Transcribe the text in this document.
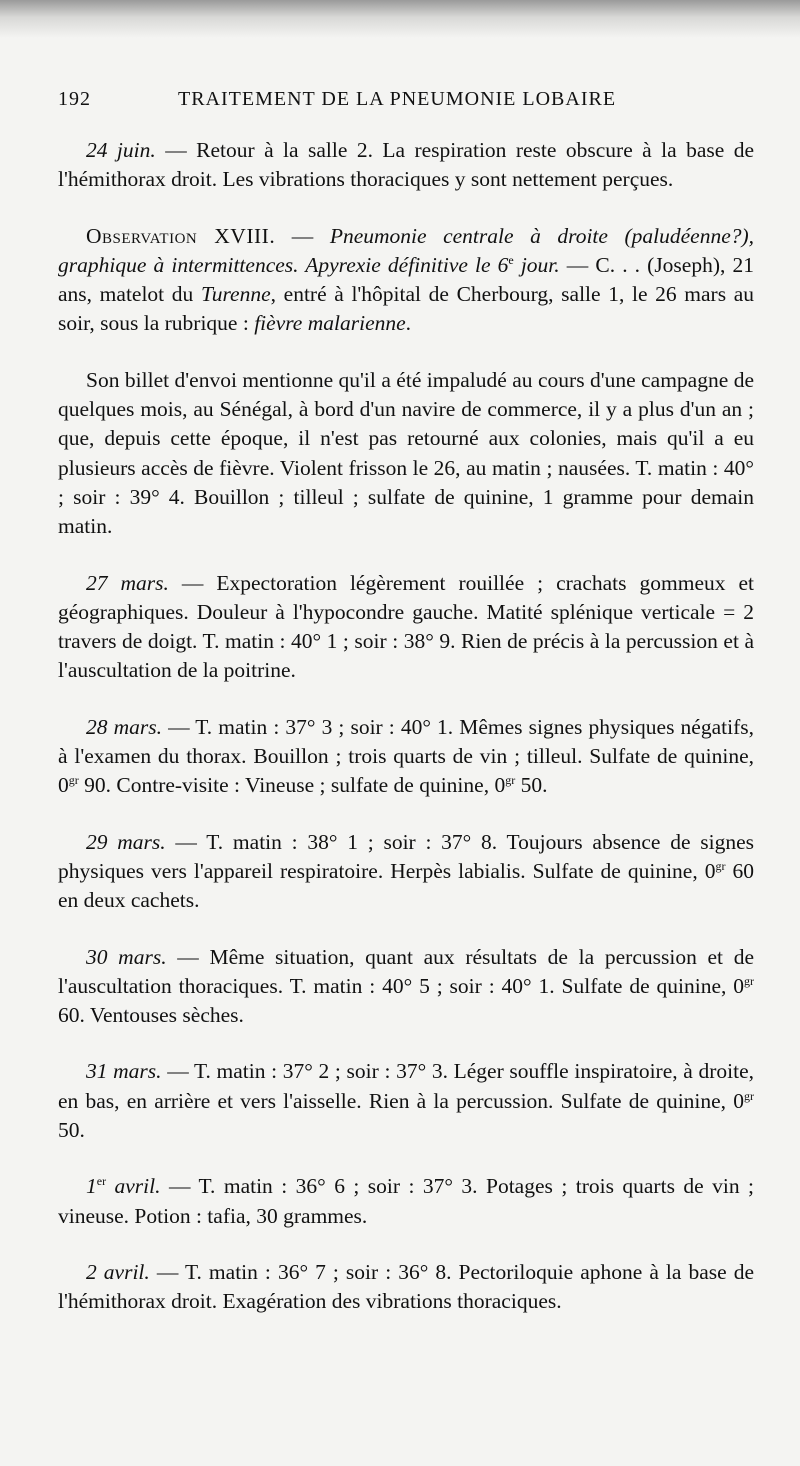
192	TRAITEMENT DE LA PNEUMONIE LOBAIRE

24 juin. — Retour à la salle 2. La respiration reste obscure à la base de l'hémithorax droit. Les vibrations thoraciques y sont nettement perçues.

Observation XVIII. — Pneumonie centrale à droite (paludéenne?), graphique à intermittences. Apyrexie définitive le 6e jour. — C. . . (Joseph), 21 ans, matelot du Turenne, entré à l'hôpital de Cherbourg, salle 1, le 26 mars au soir, sous la rubrique : fièvre malarienne.

Son billet d'envoi mentionne qu'il a été impaludé au cours d'une campagne de quelques mois, au Sénégal, à bord d'un navire de commerce, il y a plus d'un an ; que, depuis cette époque, il n'est pas retourné aux colonies, mais qu'il a eu plusieurs accès de fièvre. Violent frisson le 26, au matin ; nausées. T. matin : 40° ; soir : 39° 4. Bouillon ; tilleul ; sulfate de quinine, 1 gramme pour demain matin.

27 mars. — Expectoration légèrement rouillée ; crachats gommeux et géographiques. Douleur à l'hypocondre gauche. Matité splénique verticale = 2 travers de doigt. T. matin : 40° 1 ; soir : 38° 9. Rien de précis à la percussion et à l'auscultation de la poitrine.

28 mars. — T. matin : 37° 3 ; soir : 40° 1. Mêmes signes physiques négatifs, à l'examen du thorax. Bouillon ; trois quarts de vin ; tilleul. Sulfate de quinine, $0^{gr}$ 90. Contre-visite : Vineuse ; sulfate de quinine, $0^{gr}$ 50.

29 mars. — T. matin : 38° 1 ; soir : 37° 8. Toujours absence de signes physiques vers l'appareil respiratoire. Herpès labialis. Sulfate de quinine, $0^{gr}$ 60 en deux cachets.

30 mars. — Même situation, quant aux résultats de la percussion et de l'auscultation thoraciques. T. matin : 40° 5 ; soir : 40° 1. Sulfate de quinine, $0^{gr}$ 60. Ventouses sèches.

31 mars. — T. matin : 37° 2 ; soir : 37° 3. Léger souffle inspiratoire, à droite, en bas, en arrière et vers l'aisselle. Rien à la percussion. Sulfate de quinine, $0^{gr}$ 50.

1er avril. — T. matin : 36° 6 ; soir : 37° 3. Potages ; trois quarts de vin ; vineuse. Potion : tafia, 30 grammes.

2 avril. — T. matin : 36° 7 ; soir : 36° 8. Pectoriloquie aphone à la base de l'hémithorax droit. Exagération des vibrations thoraciques.
